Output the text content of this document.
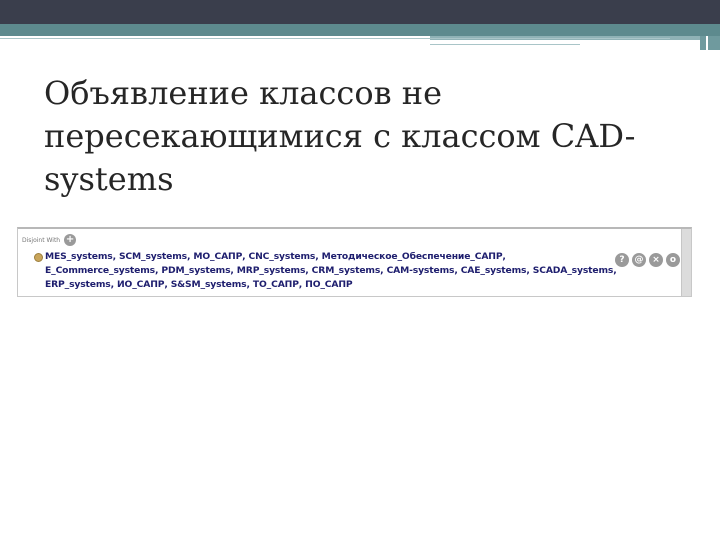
Объявление классов не
пересекающимися с классом CAD-
systems
Disjoint With +
MES_systems, SCM_systems, MO_САПР, CNC_systems, Методическое_Обеспечение_САПР,
E_Commerce_systems, PDM_systems, MRP_systems, CRM_systems, CAM-systems, CAE_systems, SCADA_systems,
ERP_systems, ИО_САПР, S&SM_systems, ТО_САПР, ПО_САПР
?	@ ×	o
